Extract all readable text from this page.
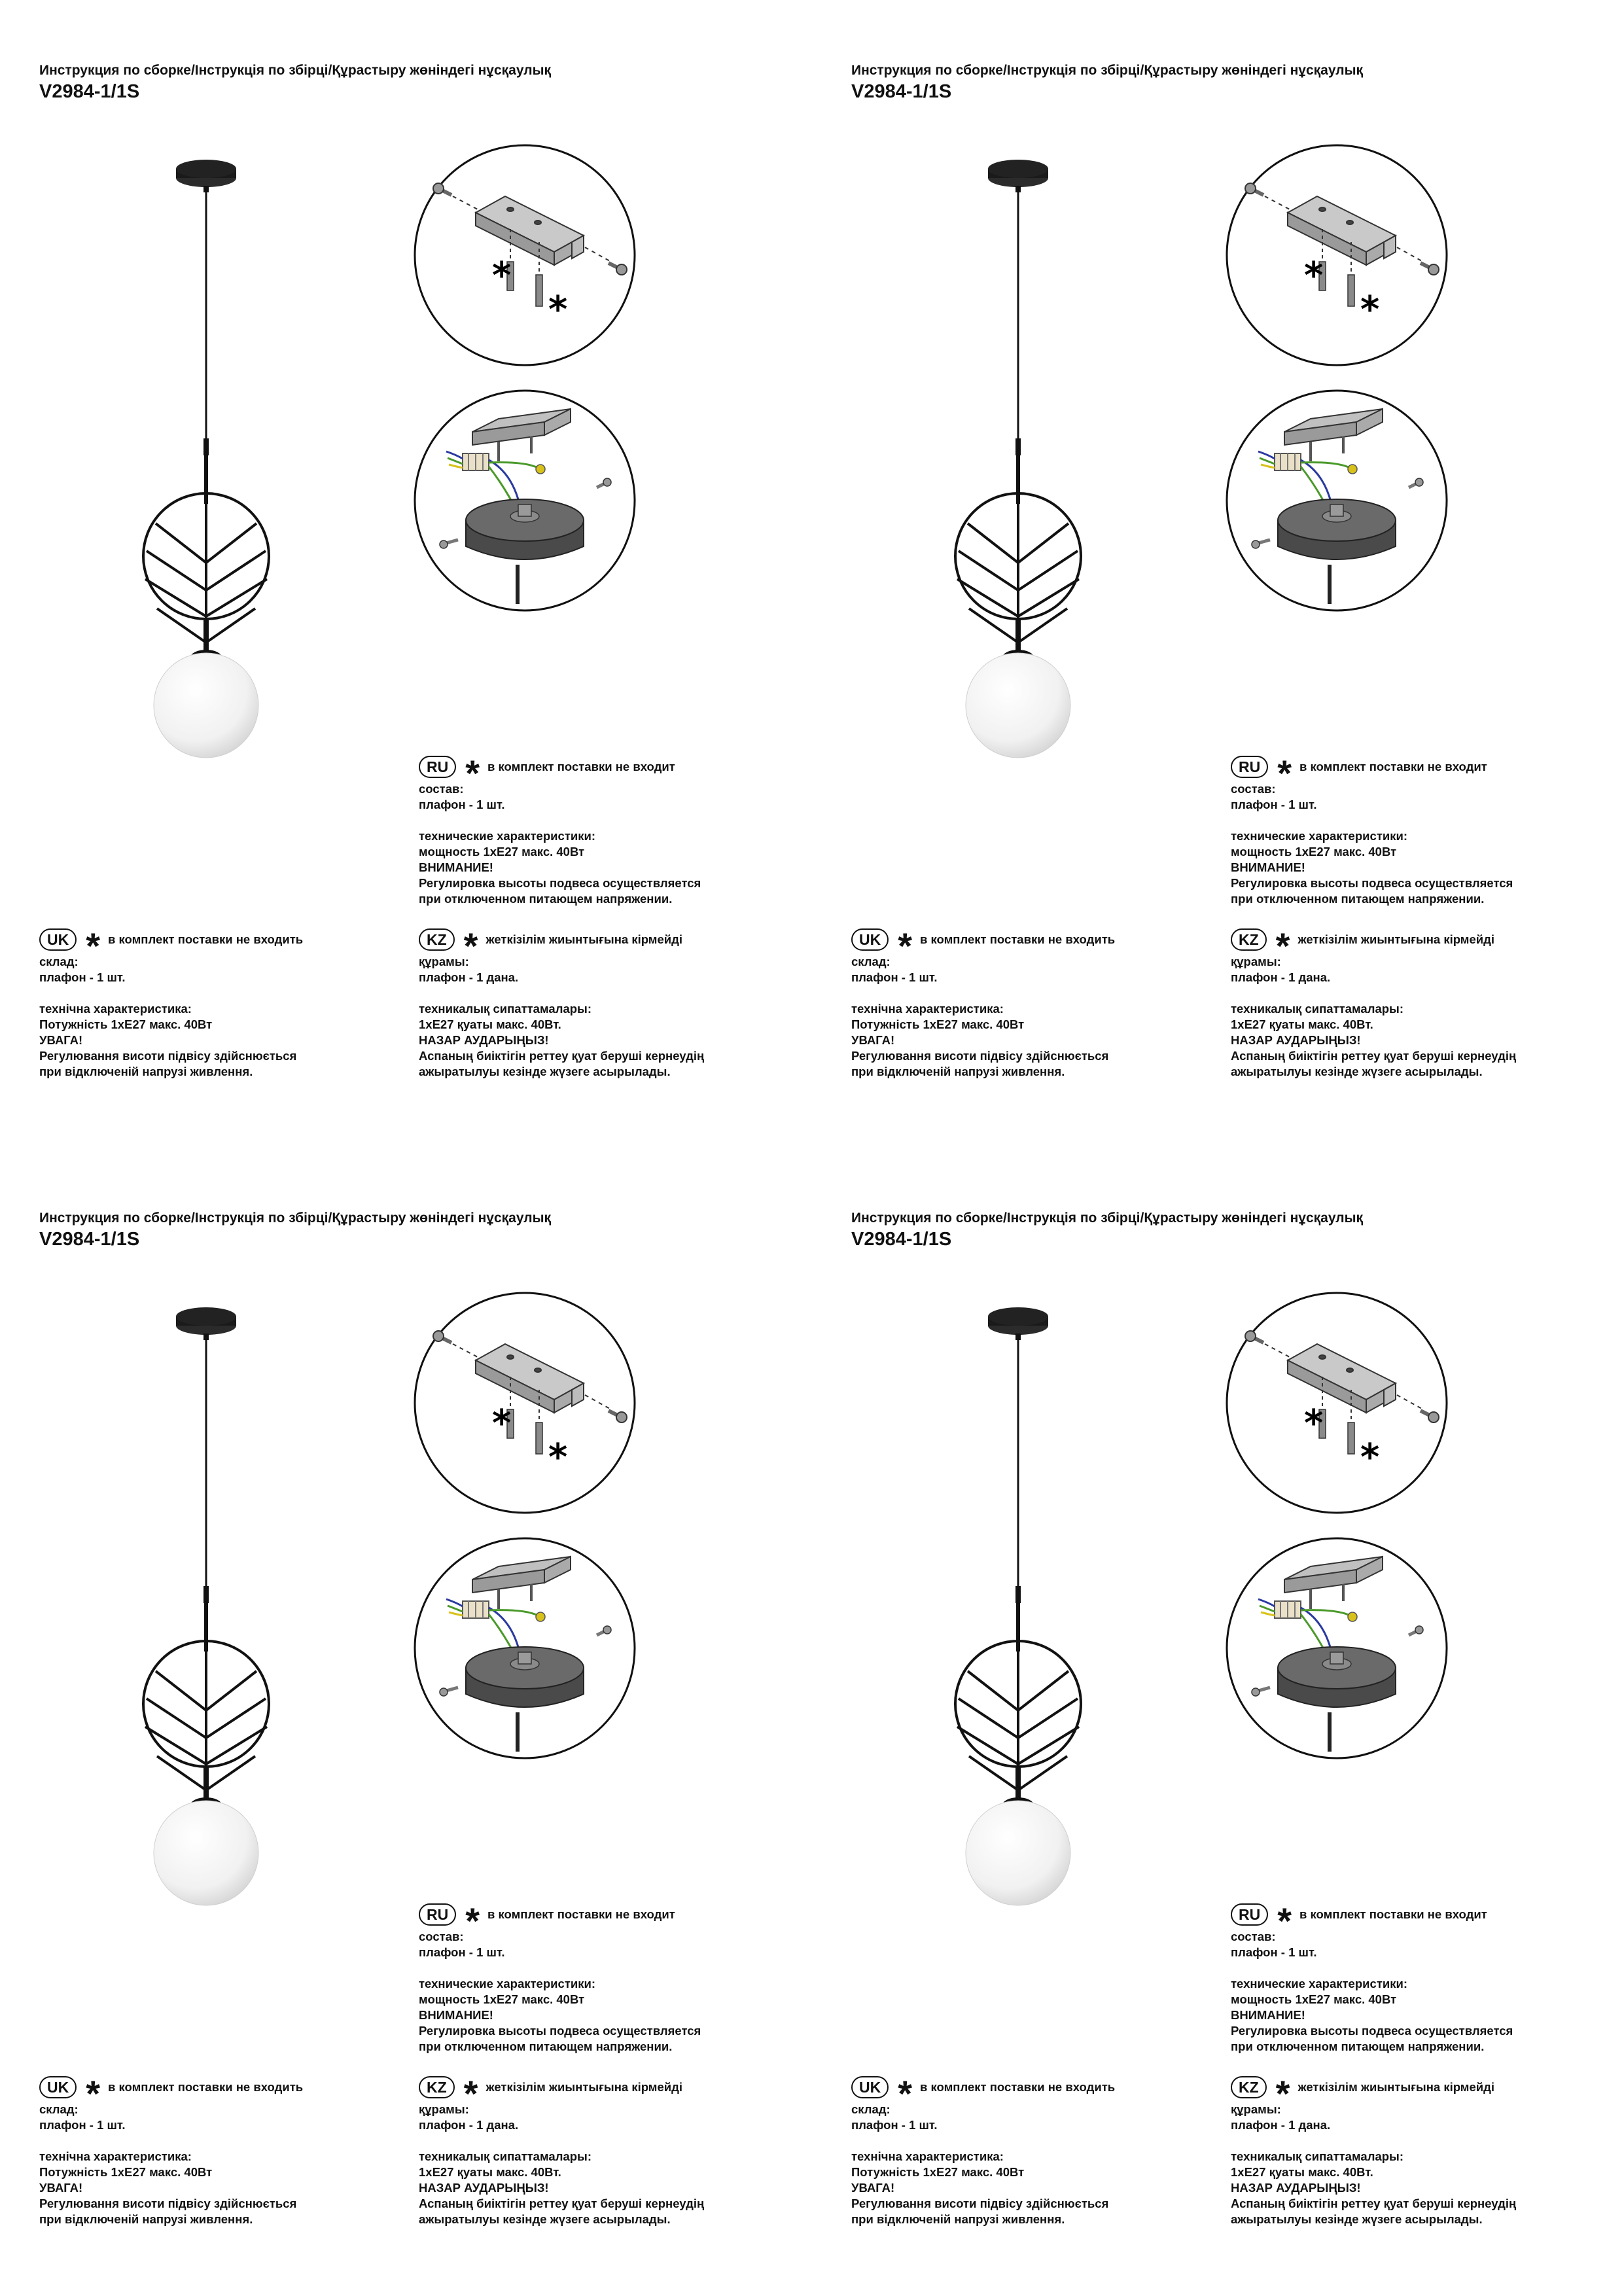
Инструкция по сборке/Інструкція по збірці/Құрастыру жөніндегі нұсқаулық
V2984-1/1S
*
*
RU * в комплект поставки не входит
состав:
плафон - 1 шт.
технические характеристики:
мощность 1хE27 макс. 40Вт
ВНИМАНИЕ!
Регулировка высоты подвеса осуществляется
при отключенном питающем напряжении.
UK * в комплект поставки не входить
склад:
плафон - 1 шт.
технічна характеристика:
Потужність 1хE27 макс. 40Вт
УВАГА!
Регулювання висоти підвісу здійснюється
при відключеній напрузі живлення.
KZ * жеткізілім жиынтығына кірмейді
құрамы:
плафон - 1 дана.
техникалық сипаттамалары:
1хE27 қуаты макс. 40Вт.
НАЗАР АУДАРЫҢЫЗ!
Аспаның биіктігін реттеу қуат беруші кернеудің
ажыратылуы кезінде жүзеге асырылады.
Инструкция по сборке/Інструкція по збірці/Құрастыру жөніндегі нұсқаулық
V2984-1/1S
*
*
RU * в комплект поставки не входит
состав:
плафон - 1 шт.
технические характеристики:
мощность 1хE27 макс. 40Вт
ВНИМАНИЕ!
Регулировка высоты подвеса осуществляется
при отключенном питающем напряжении.
UK * в комплект поставки не входить
склад:
плафон - 1 шт.
технічна характеристика:
Потужність 1хE27 макс. 40Вт
УВАГА!
Регулювання висоти підвісу здійснюється
при відключеній напрузі живлення.
KZ * жеткізілім жиынтығына кірмейді
құрамы:
плафон - 1 дана.
техникалық сипаттамалары:
1хE27 қуаты макс. 40Вт.
НАЗАР АУДАРЫҢЫЗ!
Аспаның биіктігін реттеу қуат беруші кернеудің
ажыратылуы кезінде жүзеге асырылады.
Инструкция по сборке/Інструкція по збірці/Құрастыру жөніндегі нұсқаулық
V2984-1/1S
*
*
RU * в комплект поставки не входит
состав:
плафон - 1 шт.
технические характеристики:
мощность 1хE27 макс. 40Вт
ВНИМАНИЕ!
Регулировка высоты подвеса осуществляется
при отключенном питающем напряжении.
UK * в комплект поставки не входить
склад:
плафон - 1 шт.
технічна характеристика:
Потужність 1хE27 макс. 40Вт
УВАГА!
Регулювання висоти підвісу здійснюється
при відключеній напрузі живлення.
KZ * жеткізілім жиынтығына кірмейді
құрамы:
плафон - 1 дана.
техникалық сипаттамалары:
1хE27 қуаты макс. 40Вт.
НАЗАР АУДАРЫҢЫЗ!
Аспаның биіктігін реттеу қуат беруші кернеудің
ажыратылуы кезінде жүзеге асырылады.
Инструкция по сборке/Інструкція по збірці/Құрастыру жөніндегі нұсқаулық
V2984-1/1S
*
*
RU * в комплект поставки не входит
состав:
плафон - 1 шт.
технические характеристики:
мощность 1хE27 макс. 40Вт
ВНИМАНИЕ!
Регулировка высоты подвеса осуществляется
при отключенном питающем напряжении.
UK * в комплект поставки не входить
склад:
плафон - 1 шт.
технічна характеристика:
Потужність 1хE27 макс. 40Вт
УВАГА!
Регулювання висоти підвісу здійснюється
при відключеній напрузі живлення.
KZ * жеткізілім жиынтығына кірмейді
құрамы:
плафон - 1 дана.
техникалық сипаттамалары:
1хE27 қуаты макс. 40Вт.
НАЗАР АУДАРЫҢЫЗ!
Аспаның биіктігін реттеу қуат беруші кернеудің
ажыратылуы кезінде жүзеге асырылады.
